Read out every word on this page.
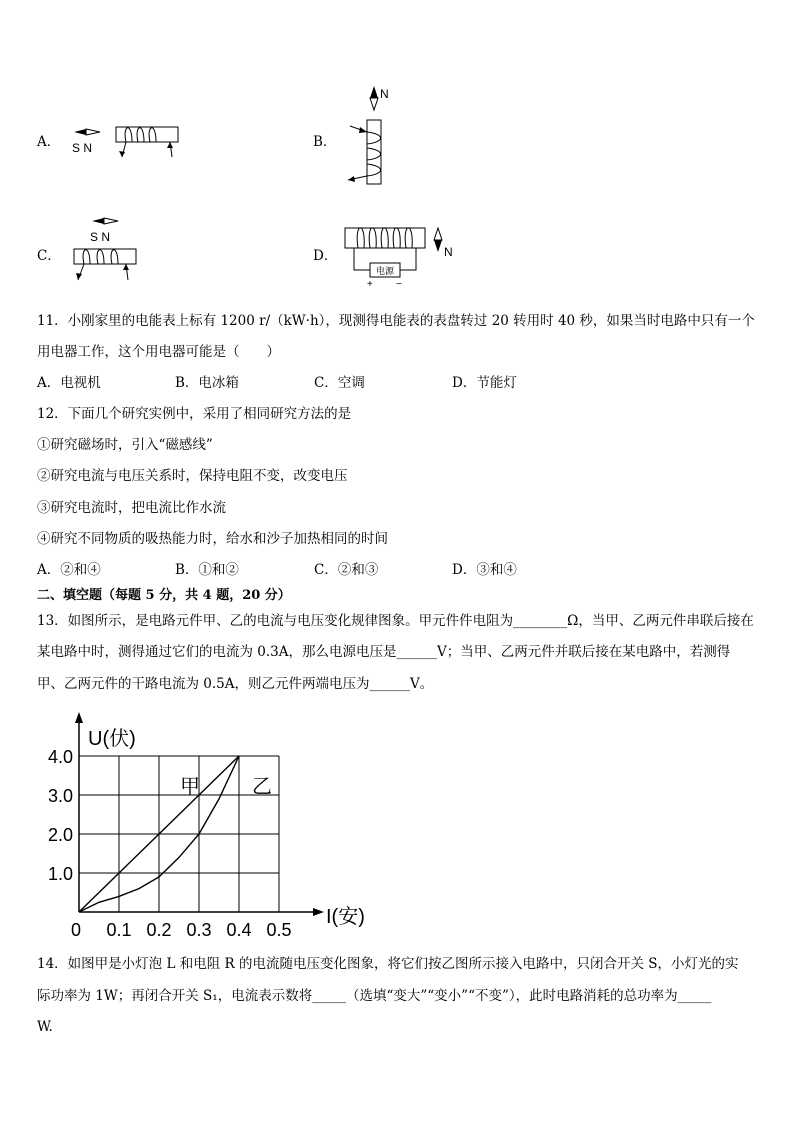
A． S N	B．
N
C．
S N
D．
电源
+ −
N
11．小刚家里的电能表上标有 1200 r/（kW·h），现测得电能表的表盘转过 20 转用时 40 秒，如果当时电路中只有一个
用电器工作，这个用电器可能是（　　）
A．电视机	B．电冰箱	C．空调	D．节能灯
12．下面几个研究实例中，采用了相同研究方法的是
①研究磁场时，引入“磁感线”
②研究电流与电压关系时，保持电阻不变，改变电压
③研究电流时，把电流比作水流
④研究不同物质的吸热能力时，给水和沙子加热相同的时间
A．②和④	B．①和②	C．②和③	D．③和④
二、填空题（每题 5 分，共 4 题，20 分）
13．如图所示，是电路元件甲、乙的电流与电压变化规律图象。甲元件件电阻为________Ω，当甲、乙两元件串联后接在
某电路中时，测得通过它们的电流为 0.3A，那么电源电压是______V；当甲、乙两元件并联后接在某电路中，若测得
甲、乙两元件的干路电流为 0.5A，则乙元件两端电压为______V。
U(伏)
I(安)
1.0
2.0
3.0
4.0
0 0.1 0.2 0.3 0.4 0.5
甲	乙
14．如图甲是小灯泡 L 和电阻 R 的电流随电压变化图象，将它们按乙图所示接入电路中，只闭合开关 S，小灯光的实
际功率为 1W；再闭合开关 S₁，电流表示数将_____（选填“变大”“变小”“不变”），此时电路消耗的总功率为_____
W.
